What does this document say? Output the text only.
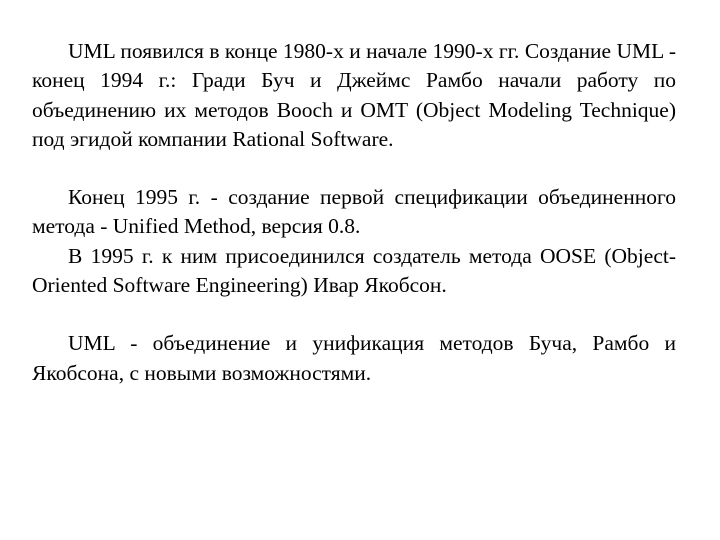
UML появился в конце 1980-х и начале 1990-х гг. Создание UML - конец 1994 г.: Гради Буч и Джеймс Рамбо начали работу по объединению их методов Booch и OMT (Object Modeling Technique) под эгидой компании Rational Software.

Конец 1995 г. - создание первой спецификации объединенного метода - Unified Method, версия 0.8.

В 1995 г. к ним присоединился создатель метода OOSE (Object-Oriented Software Engineering) Ивар Якобсон.

UML - объединение и унификация методов Буча, Рамбо и Якобсона, с новыми возможностями.
